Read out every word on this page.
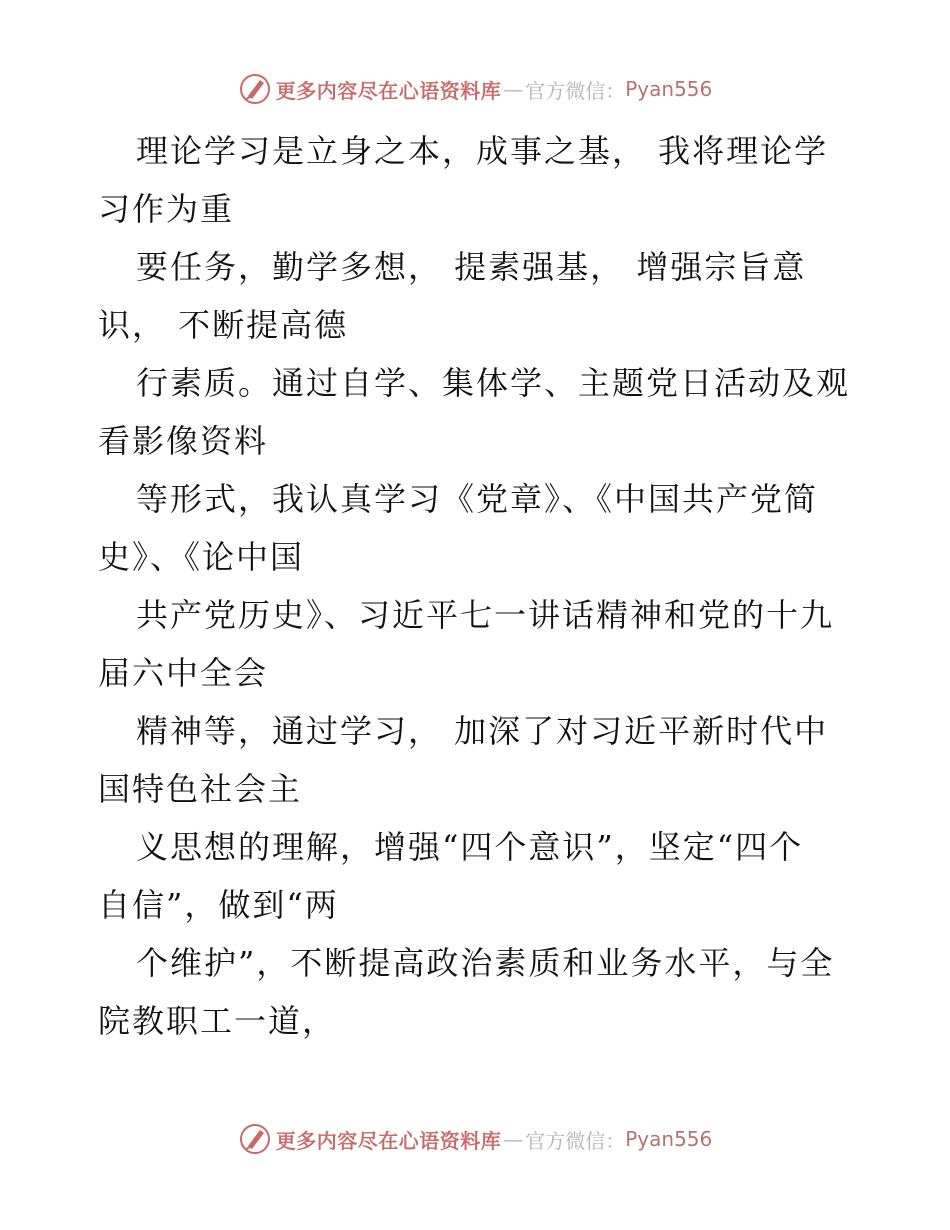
更多内容尽在心语资料库 — 官方微信： Pyan556
理论学习是立身之本，成事之基， 我将理论学
习作为重
要任务，勤学多想， 提素强基， 增强宗旨意
识， 不断提高德
行素质。通过自学、集体学、主题党日活动及观
看影像资料
等形式，我认真学习《党章》、《中国共产党简
史》、《论中国
共产党历史》、习近平七一讲话精神和党的十九
届六中全会
精神等，通过学习， 加深了对习近平新时代中
国特色社会主
义思想的理解，增强“四个意识”，坚定“四个
自信”，做到“两
个维护”，不断提高政治素质和业务水平，与全
院教职工一道，
更多内容尽在心语资料库 — 官方微信： Pyan556
